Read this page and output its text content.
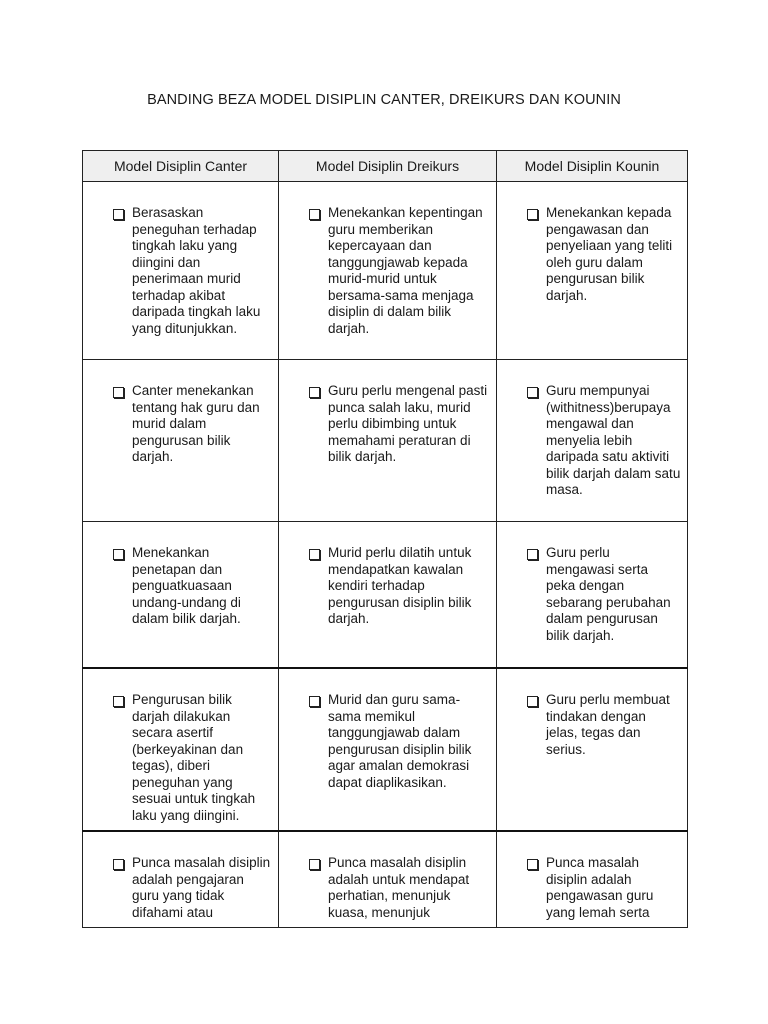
BANDING BEZA MODEL DISIPLIN CANTER, DREIKURS DAN KOUNIN
Model Disiplin Canter	Model Disiplin Dreikurs	Model Disiplin Kounin

Berasaskan peneguhan terhadap tingkah laku yang diingini dan penerimaan murid terhadap akibat daripada tingkah laku yang ditunjukkan.	Menekankan kepentingan guru memberikan kepercayaan dan tanggungjawab kepada murid-murid untuk bersama-sama menjaga disiplin di dalam bilik darjah.	Menekankan kepada pengawasan dan penyeliaan yang teliti oleh guru dalam pengurusan bilik darjah.

Canter menekankan tentang hak guru dan murid dalam pengurusan bilik darjah.	Guru perlu mengenal pasti punca salah laku, murid perlu dibimbing untuk memahami peraturan di bilik darjah.	Guru mempunyai (withitness)berupaya mengawal dan menyelia lebih daripada satu aktiviti bilik darjah dalam satu masa.

Menekankan penetapan dan penguatkuasaan undang-undang di dalam bilik darjah.	Murid perlu dilatih untuk mendapatkan kawalan kendiri terhadap pengurusan disiplin bilik darjah.	Guru perlu mengawasi serta peka dengan sebarang perubahan dalam pengurusan bilik darjah.

Pengurusan bilik darjah dilakukan secara asertif (berkeyakinan dan tegas), diberi peneguhan yang sesuai untuk tingkah laku yang diingini.	Murid dan guru sama-sama memikul tanggungjawab dalam pengurusan disiplin bilik agar amalan demokrasi dapat diaplikasikan.	Guru perlu membuat tindakan dengan jelas, tegas dan serius.

Punca masalah disiplin adalah pengajaran guru yang tidak difahami atau	Punca masalah disiplin adalah untuk mendapat perhatian, menunjuk kuasa, menunjuk	Punca masalah disiplin adalah pengawasan guru yang lemah serta
